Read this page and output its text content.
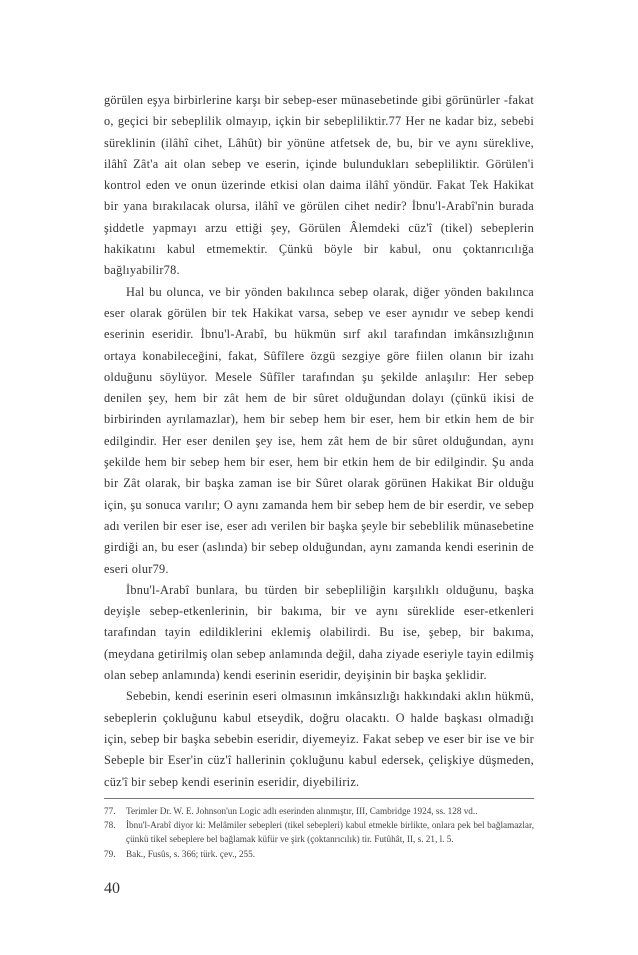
görülen eşya birbirlerine karşı bir sebep-eser münasebetinde gibi görünürler -fakat o, geçici bir sebeplilik olmayıp, içkin bir sebepliliktir.77 Her ne kadar biz, sebebi süreklinin (ilâhî cihet, Lâhût) bir yönüne atfetsek de, bu, bir ve aynı süreklive, ilâhî Zât'a ait olan sebep ve eserin, içinde bulundukları sebepliliktir. Görülen'i kontrol eden ve onun üzerinde etkisi olan daima ilâhî yöndür. Fakat Tek Hakikat bir yana bırakılacak olursa, ilâhî ve görülen cihet nedir? İbnu'l-Arabî'nin burada şiddetle yapmayı arzu ettiği şey, Görülen Âlemdeki cüz'î (tikel) sebeplerin hakikatını kabul etmemektir. Çünkü böyle bir kabul, onu çoktanrıcılığa bağlıyabilir78.

Hal bu olunca, ve bir yönden bakılınca sebep olarak, diğer yönden bakılınca eser olarak görülen bir tek Hakikat varsa, sebep ve eser aynıdır ve sebep kendi eserinin eseridir. İbnu'l-Arabî, bu hükmün sırf akıl tarafından imkânsızlığının ortaya konabileceğini, fakat, Sûfîlere özgü sezgiye göre fiilen olanın bir izahı olduğunu söylüyor. Mesele Sûfîler tarafından şu şekilde anlaşılır: Her sebep denilen şey, hem bir zât hem de bir sûret olduğundan dolayı (çünkü ikisi de birbirinden ayrılamazlar), hem bir sebep hem bir eser, hem bir etkin hem de bir edilgindir. Her eser denilen şey ise, hem zât hem de bir sûret olduğundan, aynı şekilde hem bir sebep hem bir eser, hem bir etkin hem de bir edilgindir. Şu anda bir Zât olarak, bir başka zaman ise bir Sûret olarak görünen Hakikat Bir olduğu için, şu sonuca varılır; O aynı zamanda hem bir sebep hem de bir eserdir, ve sebep adı verilen bir eser ise, eser adı verilen bir başka şeyle bir sebeblilik münasebetine girdiği an, bu eser (aslında) bir sebep olduğundan, aynı zamanda kendi eserinin de eseri olur79.

İbnu'l-Arabî bunlara, bu türden bir sebepliliğin karşılıklı olduğunu, başka deyişle sebep-etkenlerinin, bir bakıma, bir ve aynı süreklide eser-etkenleri tarafından tayin edildiklerini eklemiş olabilirdi. Bu ise, şebep, bir bakıma, (meydana getirilmiş olan sebep anlamında değil, daha ziyade eseriyle tayin edilmiş olan sebep anlamında) kendi eserinin eseridir, deyişinin bir başka şeklidir.

Sebebin, kendi eserinin eseri olmasının imkânsızlığı hakkındaki aklın hükmü, sebeplerin çokluğunu kabul etseydik, doğru olacaktı. O halde başkası olmadığı için, sebep bir başka sebebin eseridir, diyemeyiz. Fakat sebep ve eser bir ise ve bir Sebeple bir Eser'in cüz'î hallerinin çokluğunu kabul edersek, çelişkiye düşmeden, cüz'î bir sebep kendi eserinin eseridir, diyebiliriz.

77.	Terimler Dr. W. E. Johnson'un Logic adlı eserinden alınmıştır, III, Cambridge 1924, ss. 128 vd..
78.	İbnu'l-Arabî diyor ki: Melâmiler sebepleri (tikel sebepleri) kabul etmekle birlikte, onlara pek bel bağlamazlar, çünkü tikel sebeplere bel bağlamak küfür ve şirk (çoktanrıcılık) tir. Futûhât, II, s. 21, l. 5.
79.	Bak., Fusûs, s. 366; türk. çev., 255.
40
